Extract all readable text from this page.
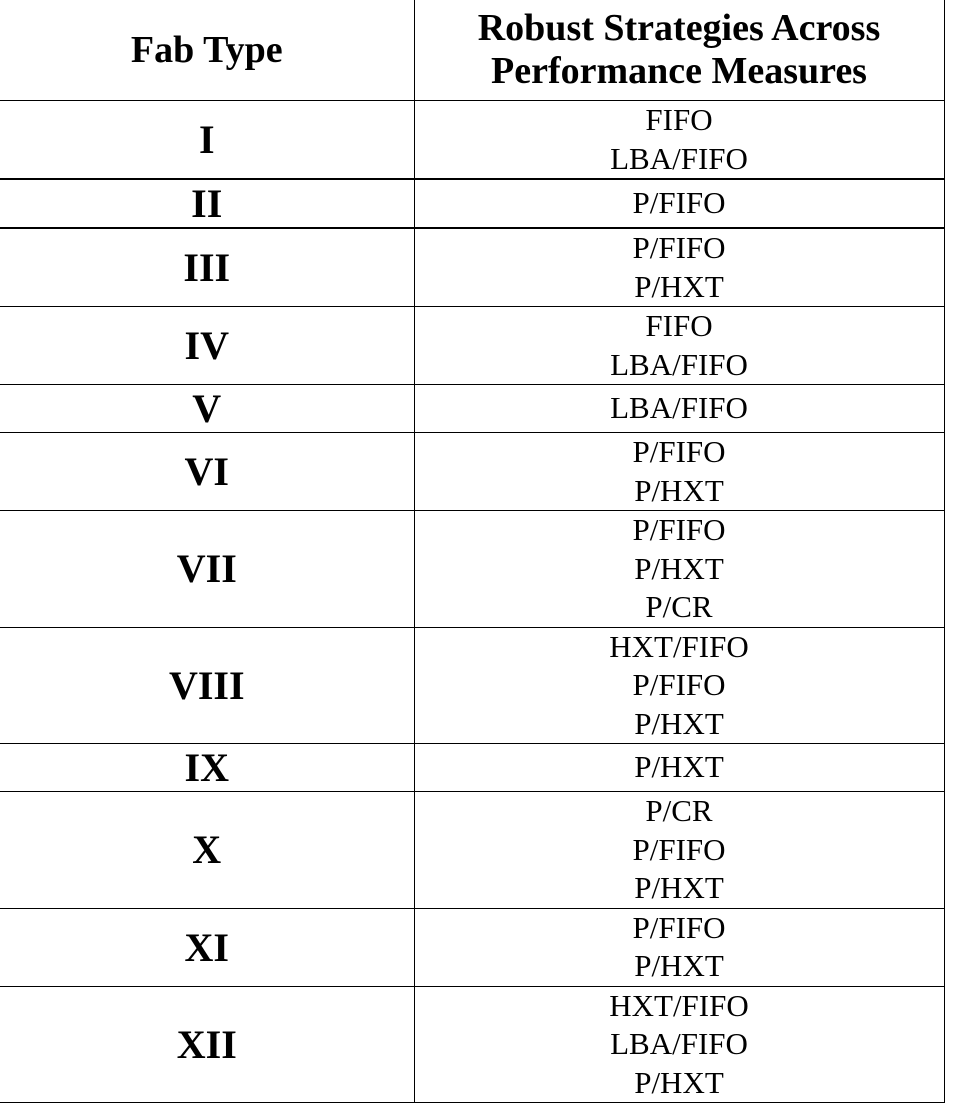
Fab Type	Robust Strategies Across
Performance Measures
I	FIFO
LBA/FIFO

II	P/FIFO

III	P/FIFO
P/HXT

IV	FIFO
LBA/FIFO

V	LBA/FIFO

VI	P/FIFO
P/HXT

VII	P/FIFO
P/HXT
P/CR

VIII	HXT/FIFO
P/FIFO
P/HXT

IX	P/HXT

X	P/CR
P/FIFO
P/HXT

XI	P/FIFO
P/HXT

XII	HXT/FIFO
LBA/FIFO
P/HXT
